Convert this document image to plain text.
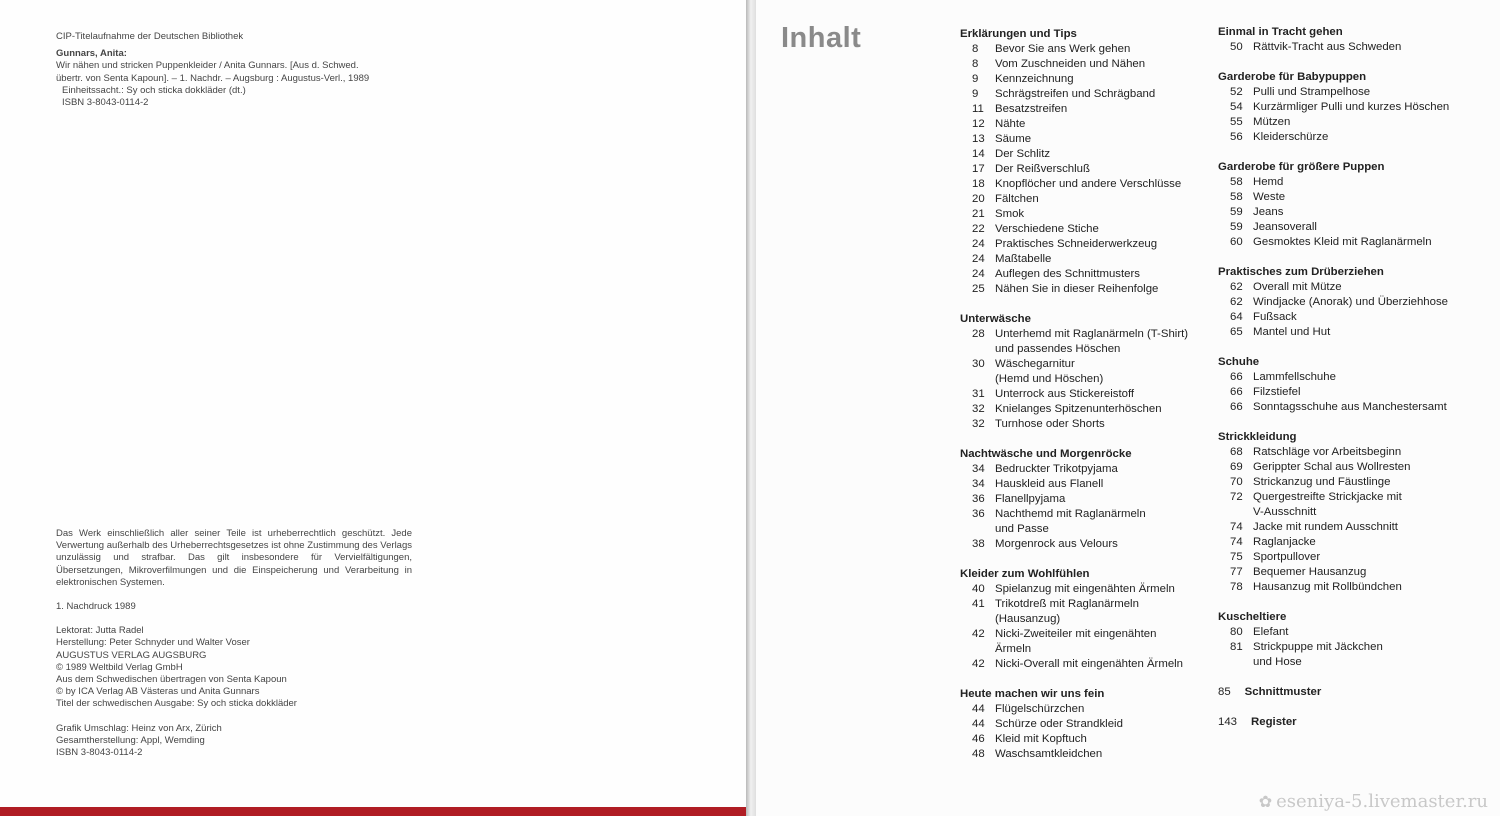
CIP-Titelaufnahme der Deutschen Bibliothek
Gunnars, Anita:
Wir nähen und stricken Puppenkleider / Anita Gunnars. [Aus d. Schwed.
übertr. von Senta Kapoun]. – 1. Nachdr. – Augsburg : Augustus-Verl., 1989
Einheitssacht.: Sy och sticka dokkläder (dt.)
ISBN 3-8043-0114-2
Das Werk einschließlich aller seiner Teile ist urheberrechtlich geschützt. Jede Verwertung außerhalb des Urheberrechtsgesetzes ist ohne Zustimmung des Verlags unzulässig und strafbar. Das gilt insbesondere für Vervielfältigungen, Übersetzungen, Mikroverfilmungen und die Einspeicherung und Verarbeitung in elektronischen Systemen.
1. Nachdruck 1989
Lektorat: Jutta Radel
Herstellung: Peter Schnyder und Walter Voser
AUGUSTUS VERLAG AUGSBURG
© 1989 Weltbild Verlag GmbH
Aus dem Schwedischen übertragen von Senta Kapoun
© by ICA Verlag AB Västeras und Anita Gunnars
Titel der schwedischen Ausgabe: Sy och sticka dokkläder
Grafik Umschlag: Heinz von Arx, Zürich
Gesamtherstellung: Appl, Wemding
ISBN 3-8043-0114-2
Inhalt	Erklärungen und Tips
8	Bevor Sie ans Werk gehen
8	Vom Zuschneiden und Nähen
9	Kennzeichnung
9	Schrägstreifen und Schrägband
11 Besatzstreifen
12 Nähte
13 Säume
14 Der Schlitz
17 Der Reißverschluß
18 Knopflöcher und andere Verschlüsse
20 Fältchen
21 Smok
22 Verschiedene Stiche
24 Praktisches Schneiderwerkzeug
24 Maßtabelle
24 Auflegen des Schnittmusters
25 Nähen Sie in dieser Reihenfolge
Unterwäsche
28 Unterhemd mit Raglanärmeln (T-Shirt)
und passendes Höschen
30 Wäschegarnitur
(Hemd und Höschen)
31 Unterrock aus Stickereistoff
32 Knielanges Spitzenunterhöschen
32 Turnhose oder Shorts
Nachtwäsche und Morgenröcke
34 Bedruckter Trikotpyjama
34 Hauskleid aus Flanell
36 Flanellpyjama
36 Nachthemd mit Raglanärmeln
und Passe
38 Morgenrock aus Velours
Kleider zum Wohlfühlen
40 Spielanzug mit eingenähten Ärmeln
41 Trikotdreß mit Raglanärmeln
(Hausanzug)
42 Nicki-Zweiteiler mit eingenähten
Ärmeln
42 Nicki-Overall mit eingenähten Ärmeln
Heute machen wir uns fein
44 Flügelschürzchen
44 Schürze oder Strandkleid
46 Kleid mit Kopftuch
48 Waschsamtkleidchen
Einmal in Tracht gehen
50 Rättvik-Tracht aus Schweden
Garderobe für Babypuppen
52 Pulli und Strampelhose
54 Kurzärmliger Pulli und kurzes Höschen
55 Mützen
56 Kleiderschürze
Garderobe für größere Puppen
58 Hemd
58 Weste
59 Jeans
59 Jeansoverall
60 Gesmoktes Kleid mit Raglanärmeln
Praktisches zum Drüberziehen
62 Overall mit Mütze
62 Windjacke (Anorak) und Überziehhose
64 Fußsack
65 Mantel und Hut
Schuhe
66 Lammfellschuhe
66 Filzstiefel
66 Sonntagsschuhe aus Manchestersamt
Strickkleidung
68 Ratschläge vor Arbeitsbeginn
69 Gerippter Schal aus Wollresten
70 Strickanzug und Fäustlinge
72 Quergestreifte Strickjacke mit
V-Ausschnitt
74 Jacke mit rundem Ausschnitt
74 Raglanjacke
75 Sportpullover
77 Bequemer Hausanzug
78 Hausanzug mit Rollbündchen
Kuscheltiere
80 Elefant
81 Strickpuppe mit Jäckchen
und Hose
85	Schnittmuster
143	Register
✿ eseniya-5.livemaster.ru
